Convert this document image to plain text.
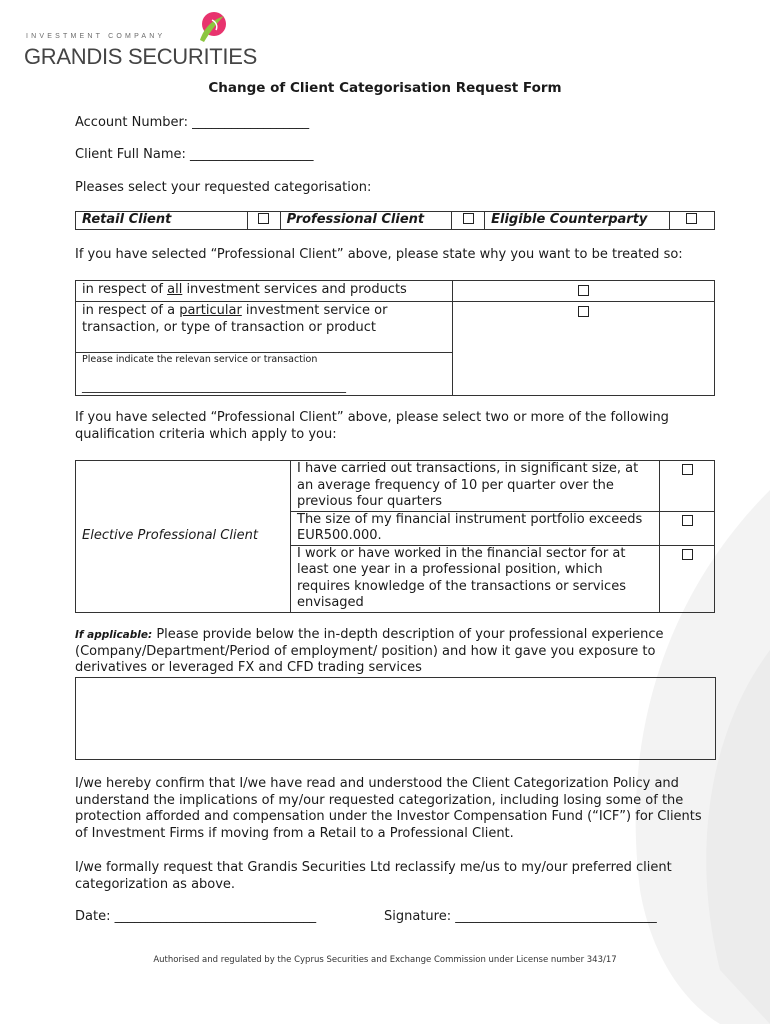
INVESTMENT COMPANY
GRANDIS SECURITIES
Change of Client Categorisation Request Form
Account Number: __________________
Client Full Name: ___________________
Pleases select your requested categorisation:
Retail Client		Professional Client		Eligible Counterparty	
If you have selected “Professional Client” above, please state why you want to be treated so:
in respect of all investment services and products	

in respect of a particular investment service or transaction, or type of transaction or product
Please indicate the relevan service or transaction
____________________________________________	

If you have selected “Professional Client” above, please select two or more of the following qualification criteria which apply to you:
Elective Professional Client	I have carried out transactions, in significant size, at an average frequency of 10 per quarter over the previous four quarters	
	The size of my financial instrument portfolio exceeds EUR500.000.	
	I work or have worked in the financial sector for at least one year in a professional position, which requires knowledge of the transactions or services envisaged	
If applicable: Please provide below the in-depth description of your professional experience (Company/Department/Period of employment/ position) and how it gave you exposure to derivatives or leveraged FX and CFD trading services
I/we hereby confirm that I/we have read and understood the Client Categorization Policy and understand the implications of my/our requested categorization, including losing some of the protection afforded and compensation under the Investor Compensation Fund (“ICF”) for Clients of Investment Firms if moving from a Retail to a Professional Client.
I/we formally request that Grandis Securities Ltd reclassify me/us to my/our preferred client categorization as above.
Date: _______________________________	Signature: _______________________________
Authorised and regulated by the Cyprus Securities and Exchange Commission under License number 343/17
